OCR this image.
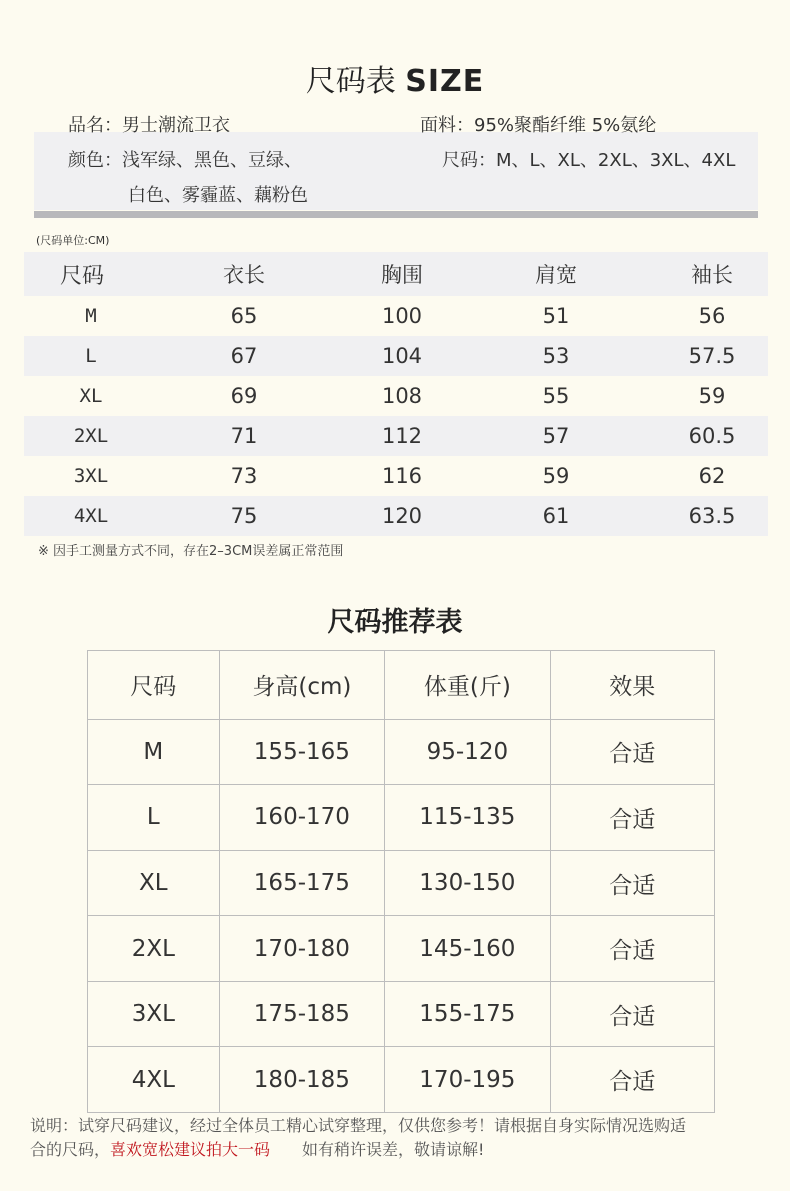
尺码表 SIZE
品名：男士潮流卫衣	面料：95%聚酯纤维 5%氨纶
颜色：浅军绿、黑色、豆绿、
白色、雾霾蓝、藕粉色
尺码：M、L、XL、2XL、3XL、4XL
(尺码单位:CM)
尺码	衣长	胸围	肩宽	袖长
M	65	100	51	56
L	67	104	53	57.5
XL	69	108	55	59
2XL	71	112	57	60.5
3XL	73	116	59	62
4XL	75	120	61	63.5
※ 因手工测量方式不同，存在2–3CM误差属正常范围
尺码推荐表
尺码	身高(cm)	体重(斤)	效果
M	155-165	95-120	合适
L	160-170	115-135	合适
XL	165-175	130-150	合适
2XL	170-180	145-160	合适
3XL	175-185	155-175	合适
4XL	180-185	170-195	合适
说明：试穿尺码建议，经过全体员工精心试穿整理，仅供您参考！请根据自身实际情况选购适
合的尺码，喜欢宽松建议拍大一码 如有稍许误差，敬请谅解!
